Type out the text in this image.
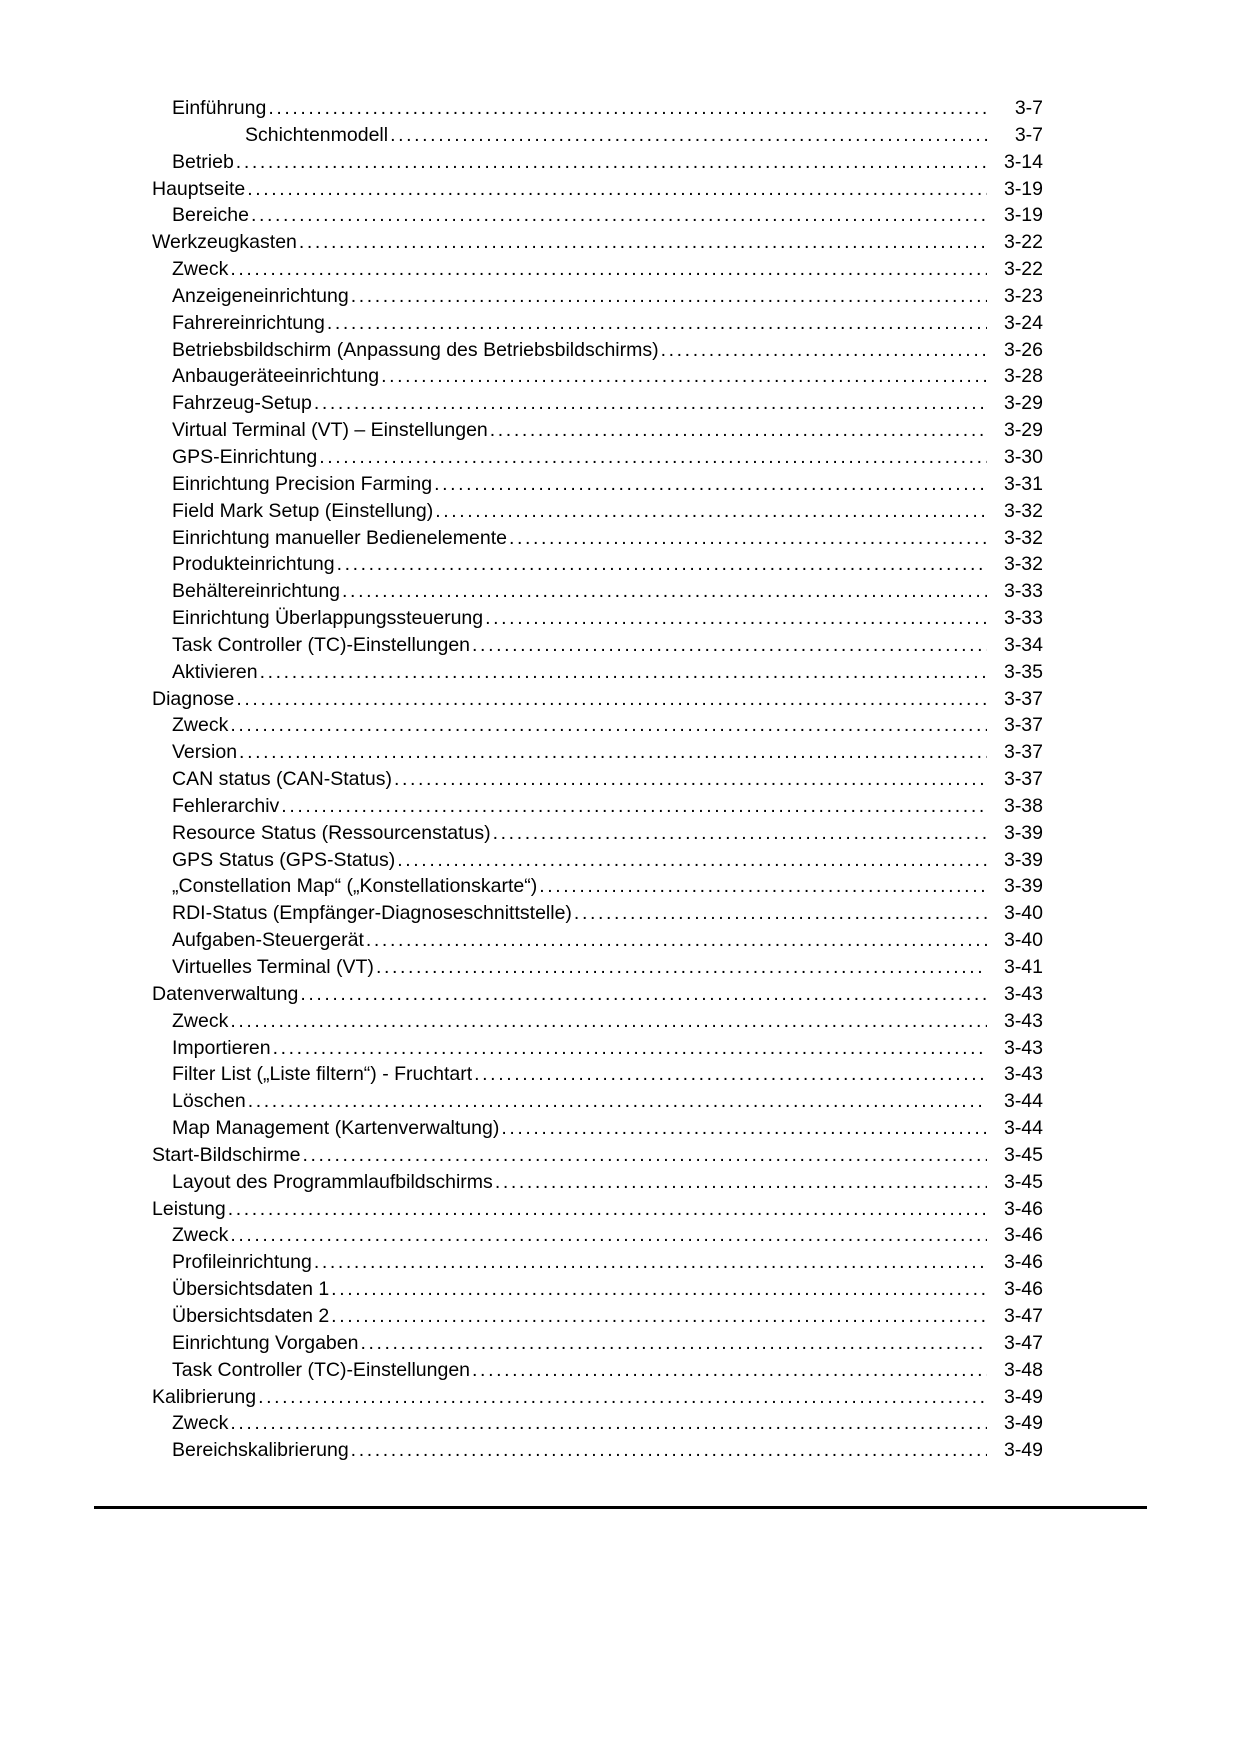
Einführung .....	3-7
Schichtenmodell .....	3-7
Betrieb .....	3-14
Hauptseite .....	3-19
Bereiche .....	3-19
Werkzeugkasten .....	3-22
Zweck .....	3-22
Anzeigeneinrichtung .....	3-23
Fahrereinrichtung .....	3-24
Betriebsbildschirm (Anpassung des Betriebsbildschirms) .....	3-26
Anbaugeräteeinrichtung .....	3-28
Fahrzeug-Setup .....	3-29
Virtual Terminal (VT) – Einstellungen .....	3-29
GPS-Einrichtung .....	3-30
Einrichtung Precision Farming .....	3-31
Field Mark Setup (Einstellung) .....	3-32
Einrichtung manueller Bedienelemente .....	3-32
Produkteinrichtung .....	3-32
Behältereinrichtung .....	3-33
Einrichtung Überlappungssteuerung .....	3-33
Task Controller (TC)-Einstellungen .....	3-34
Aktivieren .....	3-35
Diagnose .....	3-37
Zweck .....	3-37
Version .....	3-37
CAN status (CAN-Status) .....	3-37
Fehlerarchiv .....	3-38
Resource Status (Ressourcenstatus) .....	3-39
GPS Status (GPS-Status) .....	3-39
„Constellation Map“ („Konstellationskarte“) .....	3-39
RDI-Status (Empfänger-Diagnoseschnittstelle) .....	3-40
Aufgaben-Steuergerät .....	3-40
Virtuelles Terminal (VT) .....	3-41
Datenverwaltung .....	3-43
Zweck .....	3-43
Importieren .....	3-43
Filter List („Liste filtern“) - Fruchtart .....	3-43
Löschen .....	3-44
Map Management (Kartenverwaltung) .....	3-44
Start-Bildschirme .....	3-45
Layout des Programmlaufbildschirms .....	3-45
Leistung .....	3-46
Zweck .....	3-46
Profileinrichtung .....	3-46
Übersichtsdaten 1 .....	3-46
Übersichtsdaten 2 .....	3-47
Einrichtung Vorgaben .....	3-47
Task Controller (TC)-Einstellungen .....	3-48
Kalibrierung .....	3-49
Zweck .....	3-49
Bereichskalibrierung .....	3-49
